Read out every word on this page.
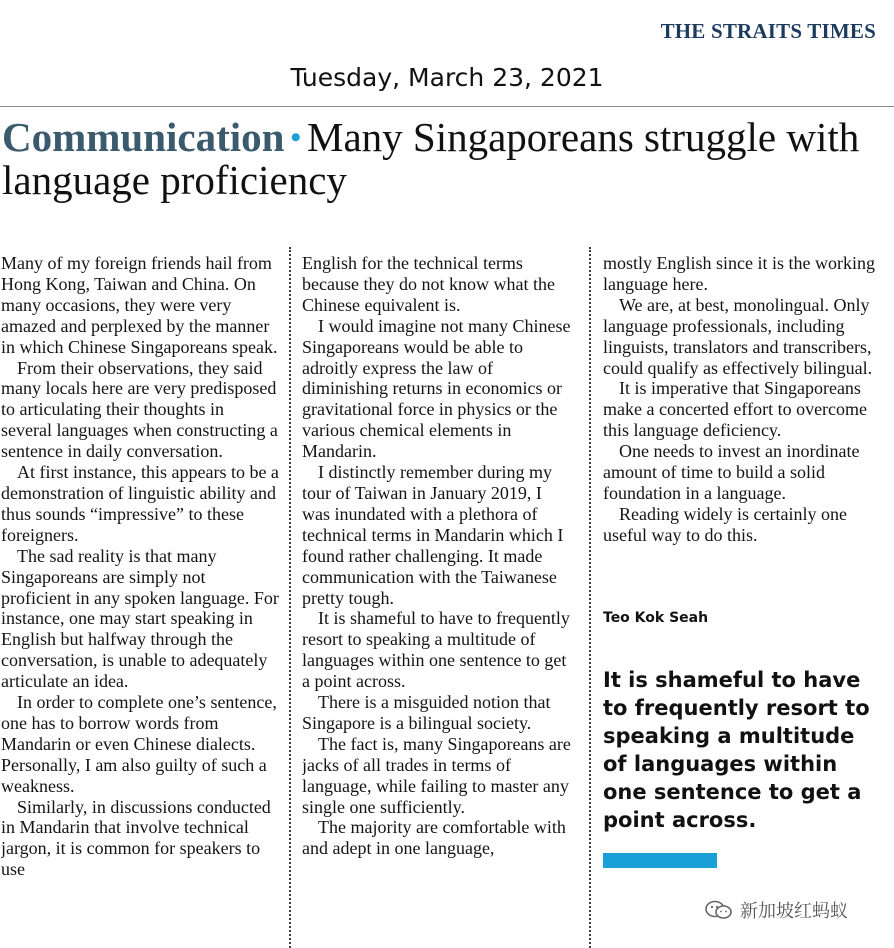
THE STRAITS TIMES
Tuesday, March 23, 2021
Communication • Many Singaporeans struggle with language proficiency

Many of my foreign friends hail from Hong Kong, Taiwan and China. On many occasions, they were very amazed and perplexed by the manner in which Chinese Singaporeans speak.

From their observations, they said many locals here are very predisposed to articulating their thoughts in several languages when constructing a sentence in daily conversation.

At first instance, this appears to be a demonstration of linguistic ability and thus sounds “impressive” to these foreigners.

The sad reality is that many Singaporeans are simply not proficient in any spoken language. For instance, one may start speaking in English but halfway through the conversation, is unable to adequately articulate an idea.

In order to complete one’s sentence, one has to borrow words from Mandarin or even Chinese dialects. Personally, I am also guilty of such a weakness.

Similarly, in discussions conducted in Mandarin that involve technical jargon, it is common for speakers to use

English for the technical terms because they do not know what the Chinese equivalent is.

I would imagine not many Chinese Singaporeans would be able to adroitly express the law of diminishing returns in economics or gravitational force in physics or the various chemical elements in Mandarin.

I distinctly remember during my tour of Taiwan in January 2019, I was inundated with a plethora of technical terms in Mandarin which I found rather challenging. It made communication with the Taiwanese pretty tough.

It is shameful to have to frequently resort to speaking a multitude of languages within one sentence to get a point across.

There is a misguided notion that Singapore is a bilingual society.

The fact is, many Singaporeans are jacks of all trades in terms of language, while failing to master any single one sufficiently.

The majority are comfortable with and adept in one language,

mostly English since it is the working language here.

We are, at best, monolingual. Only language professionals, including linguists, translators and transcribers, could qualify as effectively bilingual.

It is imperative that Singaporeans make a concerted effort to overcome this language deficiency.

One needs to invest an inordinate amount of time to build a solid foundation in a language.

Reading widely is certainly one useful way to do this.

Teo Kok Seah
It is shameful to have to frequently resort to speaking a multitude of languages within one sentence to get a point across.
新加坡红蚂蚁
